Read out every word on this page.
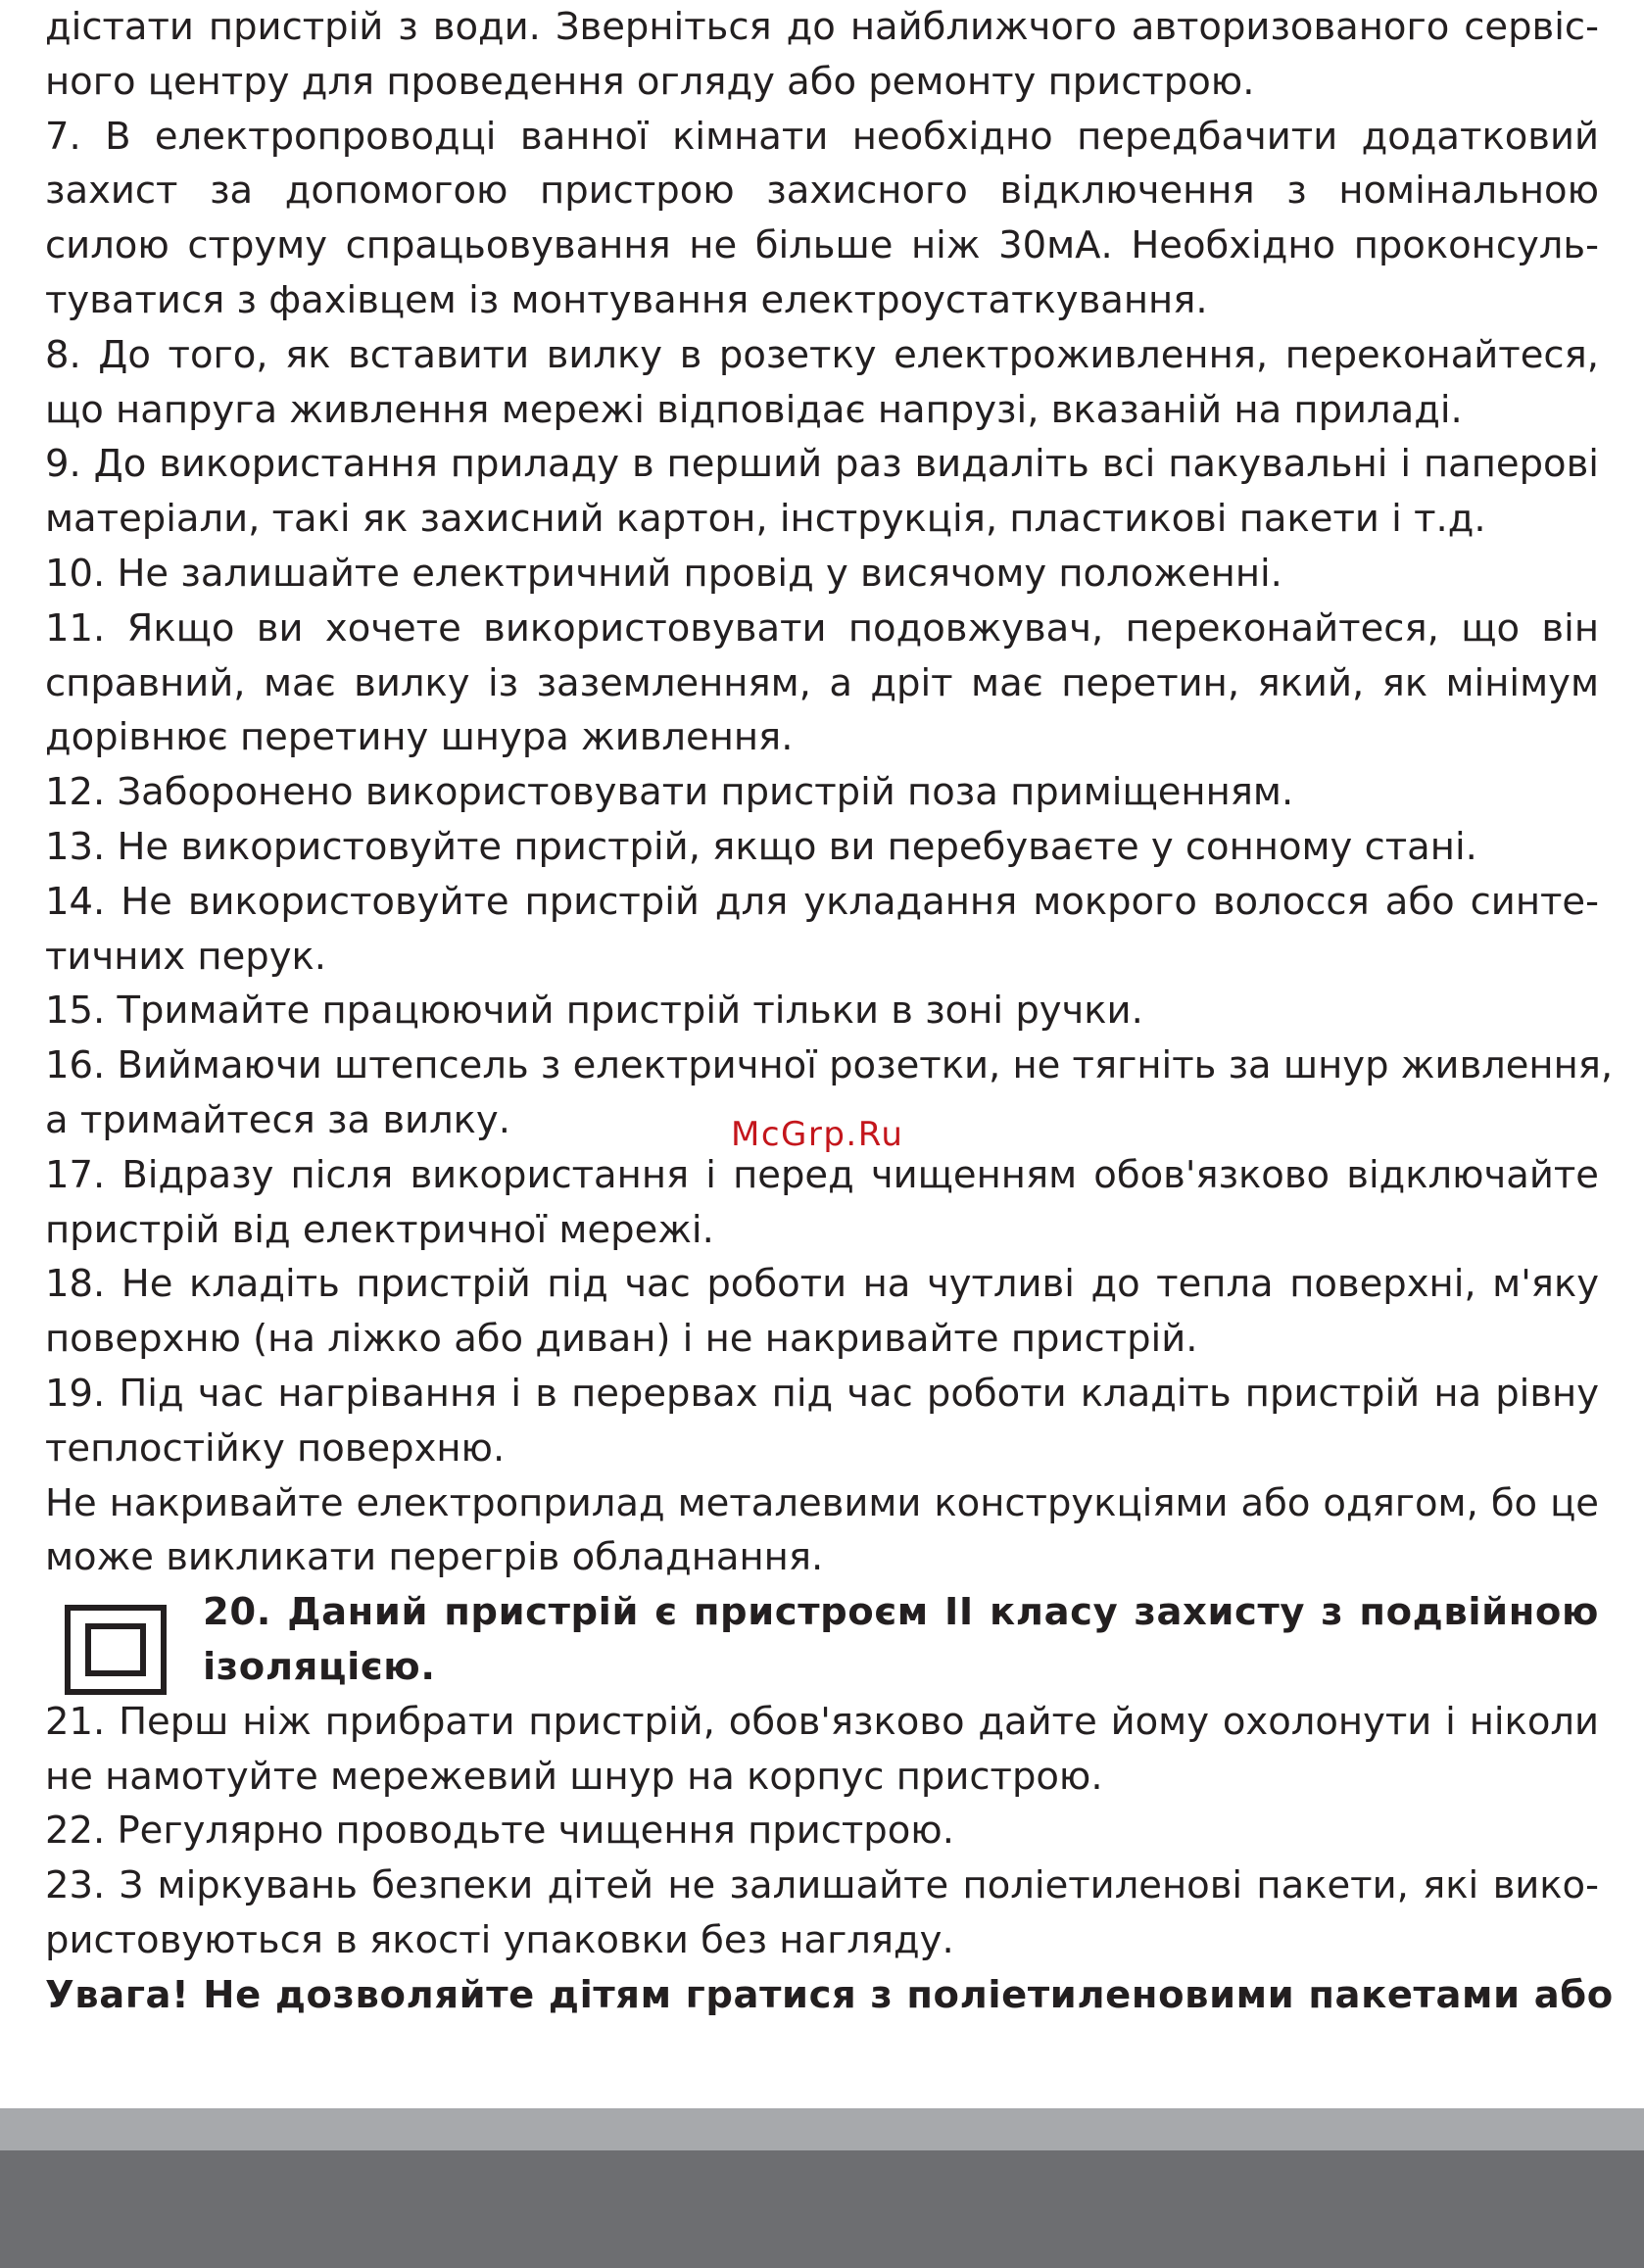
дістати пристрій з води. Зверніться до найближчого авторизованого сервіс-
ного центру для проведення огляду або ремонту пристрою.
7. В електропроводці ванної кімнати необхідно передбачити додатковий
захист за допомогою пристрою захисного відключення з номінальною
силою струму спрацьовування не більше ніж 30мА. Необхідно проконсуль-
туватися з фахівцем із монтування електроустаткування.
8. До того, як вставити вилку в розетку електроживлення, переконайтеся,
що напруга живлення мережі відповідає напрузі, вказаній на приладі.
9. До використання приладу в перший раз видаліть всі пакувальні і паперові
матеріали, такі як захисний картон, інструкція, пластикові пакети і т.д.
10. Не залишайте електричний провід у висячому положенні.
11. Якщо ви хочете використовувати подовжувач, переконайтеся, що він
справний, має вилку із заземленням, а дріт має перетин, який, як мінімум
дорівнює перетину шнура живлення.
12. Заборонено використовувати пристрій поза приміщенням.
13. Не використовуйте пристрій, якщо ви перебуваєте у сонному стані.
14. Не використовуйте пристрій для укладання мокрого волосся або синте-
тичних перук.
15. Тримайте працюючий пристрій тільки в зоні ручки.
16. Виймаючи штепсель з електричної розетки, не тягніть за шнур живлення,
а тримайтеся за вилку.
17. Відразу після використання і перед чищенням обов'язково відключайте
пристрій від електричної мережі.
18. Не кладіть пристрій під час роботи на чутливі до тепла поверхні, м'яку
поверхню (на ліжко або диван) і не накривайте пристрій.
19. Під час нагрівання і в перервах під час роботи кладіть пристрій на рівну
теплостійку поверхню.
Не накривайте електроприлад металевими конструкціями або одягом, бо це
може викликати перегрів обладнання.
20. Даний пристрій є пристроєм II класу захисту з подвійною
ізоляцією.
21. Перш ніж прибрати пристрій, обов'язково дайте йому охолонути і ніколи
не намотуйте мережевий шнур на корпус пристрою.
22. Регулярно проводьте чищення пристрою.
23. З міркувань безпеки дітей не залишайте поліетиленові пакети, які вико-
ристовуються в якості упаковки без нагляду.
Увага! Не дозволяйте дітям гратися з поліетиленовими пакетами або
McGrp.Ru
